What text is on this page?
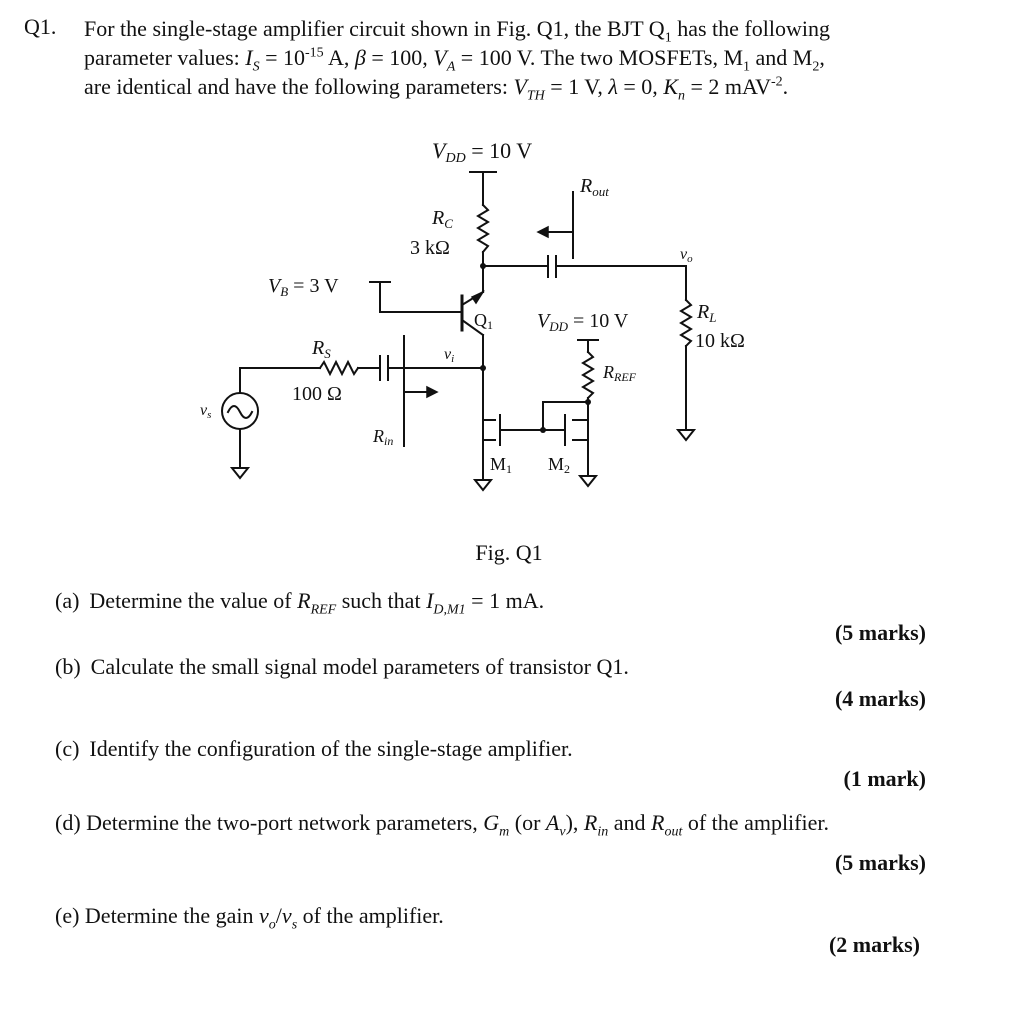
Q1. For the single-stage amplifier circuit shown in Fig. Q1, the BJT $Q_1$ has the following
parameter values: $I_S = 10^{-15}$ A, β = 100, $V_A = 100$ V. The two MOSFETs, $M_1$ and $M_2$,
are identical and have the following parameters: $V_{TH} = 1$ V, λ = 0, $K_n = 2$ mAV$^{-2}$.
VDD = 10 V
$R_{out}$
$R_C$
3 kΩ	vo
$V_B = 3$ V
Q1 $V_{DD} = 10$ V	$R_L$
10 kΩ
$R_S$
100 Ω
vi
RREF
vs
Rin
M1 M2
Fig. Q1
(a) Determine the value of $R_{REF}$ such that $I_{D,M1} = 1$ mA.
(5 marks)
(b) Calculate the small signal model parameters of transistor Q1.
(4 marks)
(c) Identify the configuration of the single-stage amplifier.
(1 mark)
(d) Determine the two-port network parameters, $G_m$ (or $A_v$), $R_{in}$ and $R_{out}$ of the amplifier.
(5 marks)
(e) Determine the gain $v_o/v_s$ of the amplifier.
(2 marks)
